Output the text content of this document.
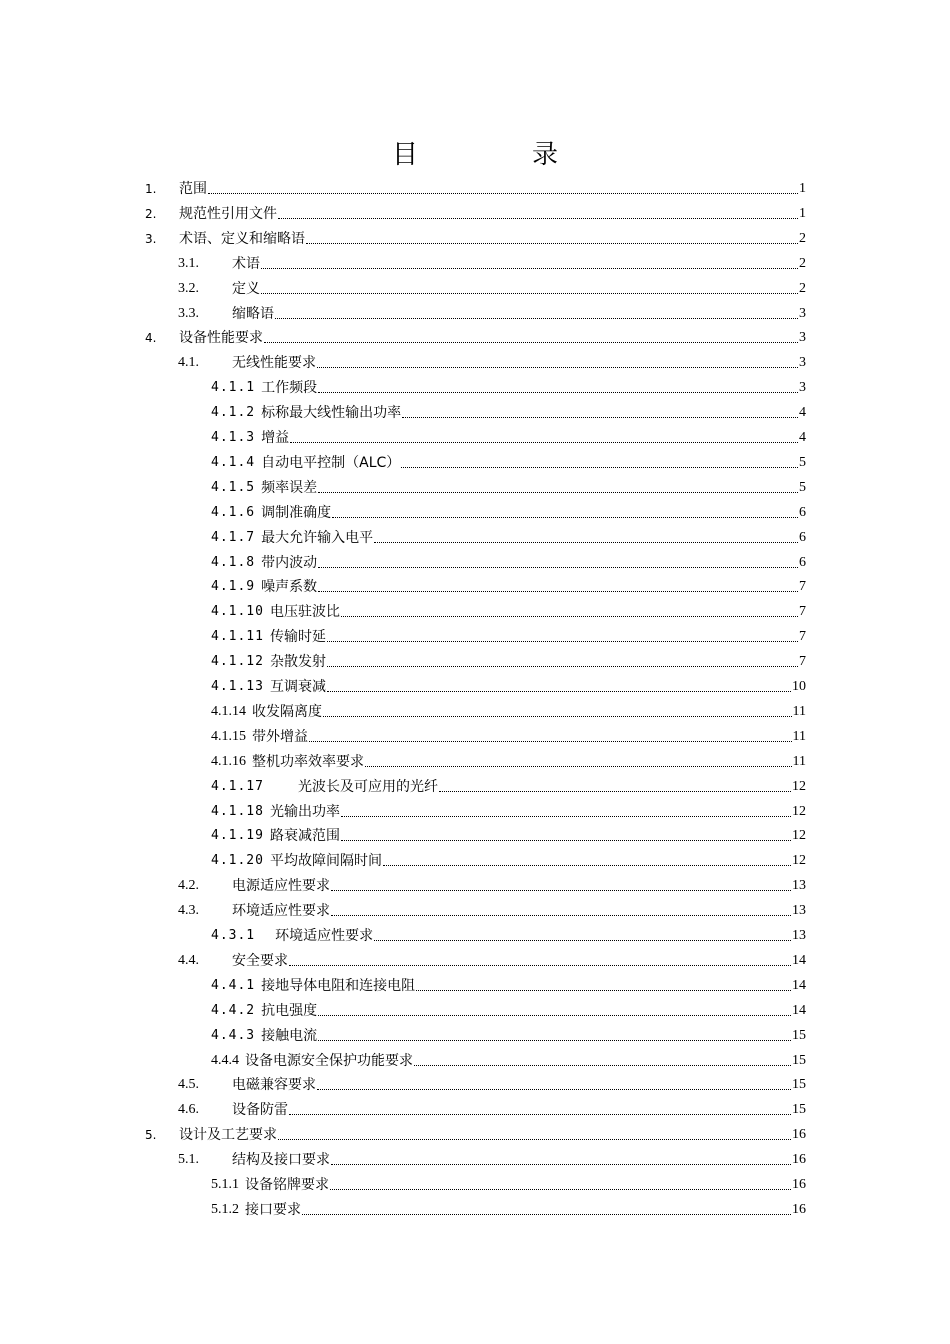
目　录
1.	范围	1
2.	规范性引用文件	1
3.	术语、定义和缩略语	2
3.1.	术语	2
3.2.	定义	2
3.3.	缩略语	3
4.	设备性能要求	3
4.1.	无线性能要求	3
4.1.1 工作频段	3
4.1.2 标称最大线性输出功率	4
4.1.3 增益	4
4.1.4 自动电平控制（ALC）	5
4.1.5 频率误差	5
4.1.6 调制准确度	6
4.1.7 最大允许输入电平	6
4.1.8 带内波动	6
4.1.9 噪声系数	7
4.1.10 电压驻波比	7
4.1.11 传输时延	7
4.1.12 杂散发射	7
4.1.13 互调衰减	10
4.1.14 收发隔离度	11
4.1.15 带外增益	11
4.1.16 整机功率效率要求	11
4.1.17 　　光波长及可应用的光纤	12
4.1.18 光输出功率	12
4.1.19 路衰减范围	12
4.1.20 平均故障间隔时间	12
4.2.	电源适应性要求	13
4.3.	环境适应性要求	13
4.3.1 　环境适应性要求	13
4.4.	安全要求	14
4.4.1 接地导体电阻和连接电阻	14
4.4.2 抗电强度	14
4.4.3 接触电流	15
4.4.4 设备电源安全保护功能要求	15
4.5.	电磁兼容要求	15
4.6.	设备防雷	15
5.	设计及工艺要求	16
5.1.	结构及接口要求	16
5.1.1 设备铭牌要求	16
5.1.2 接口要求	16
